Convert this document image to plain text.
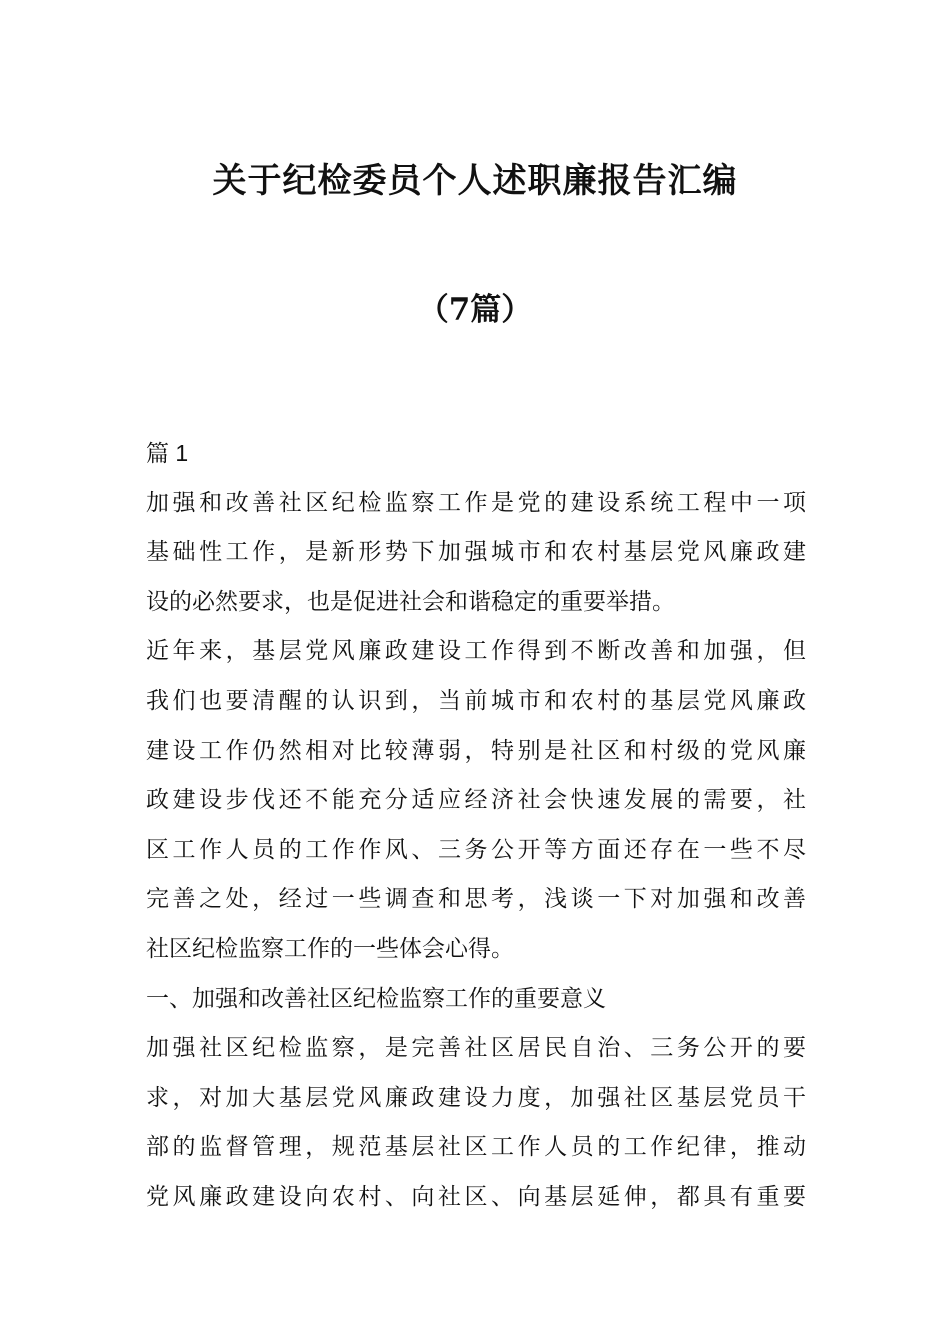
关于纪检委员个人述职廉报告汇编
（7篇）
篇 1
加强和改善社区纪检监察工作是党的建设系统工程中一项
基础性工作，是新形势下加强城市和农村基层党风廉政建
设的必然要求，也是促进社会和谐稳定的重要举措。
近年来，基层党风廉政建设工作得到不断改善和加强，但
我们也要清醒的认识到，当前城市和农村的基层党风廉政
建设工作仍然相对比较薄弱，特别是社区和村级的党风廉
政建设步伐还不能充分适应经济社会快速发展的需要，社
区工作人员的工作作风、三务公开等方面还存在一些不尽
完善之处，经过一些调查和思考，浅谈一下对加强和改善
社区纪检监察工作的一些体会心得。
一、加强和改善社区纪检监察工作的重要意义
加强社区纪检监察，是完善社区居民自治、三务公开的要
求，对加大基层党风廉政建设力度，加强社区基层党员干
部的监督管理，规范基层社区工作人员的工作纪律，推动
党风廉政建设向农村、向社区、向基层延伸，都具有重要
